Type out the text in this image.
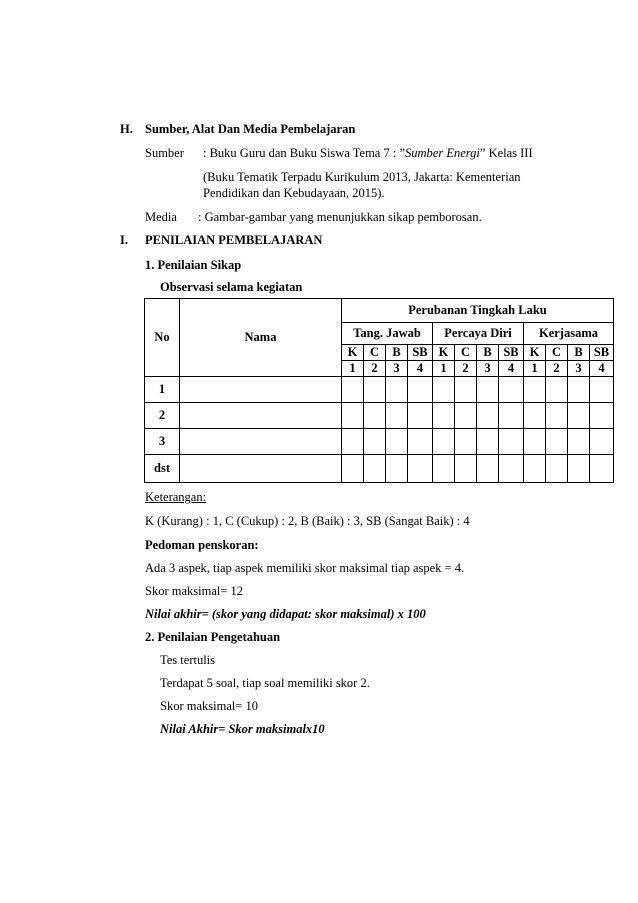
H. Sumber, Alat Dan Media Pembelajaran
Sumber : Buku Guru dan Buku Siswa Tema 7 : ”Sumber Energi” Kelas III
(Buku Tematik Terpadu Kurikulum 2013, Jakarta: Kementerian
Pendidikan dan Kebudayaan, 2015).
Media : Gambar-gambar yang menunjukkan sikap pemborosan.
I. PENILAIAN PEMBELAJARAN
1. Penilaian Sikap
Observasi selama kegiatan
No	Nama	Perubanan Tingkah Laku											
		Tang. Jawab				Percaya Diri				Kerjasama			
		K	C	B	SB	K	C	B	SB	K	C	B	SB
		1	2	3	4	1	2	3	4	1	2	3	4
1													
2													
3													
dst													
Keterangan:
K (Kurang) : 1, C (Cukup) : 2, B (Baik) : 3, SB (Sangat Baik) : 4
Pedoman penskoran:
Ada 3 aspek, tiap aspek memiliki skor maksimal tiap aspek = 4.
Skor maksimal= 12
Nilai akhir= (skor yang didapat: skor maksimal) x 100
2. Penilaian Pengetahuan
Tes tertulis
Terdapat 5 soal, tiap soal memiliki skor 2.
Skor maksimal= 10
Nilai Akhir= Skor maksimalx10
